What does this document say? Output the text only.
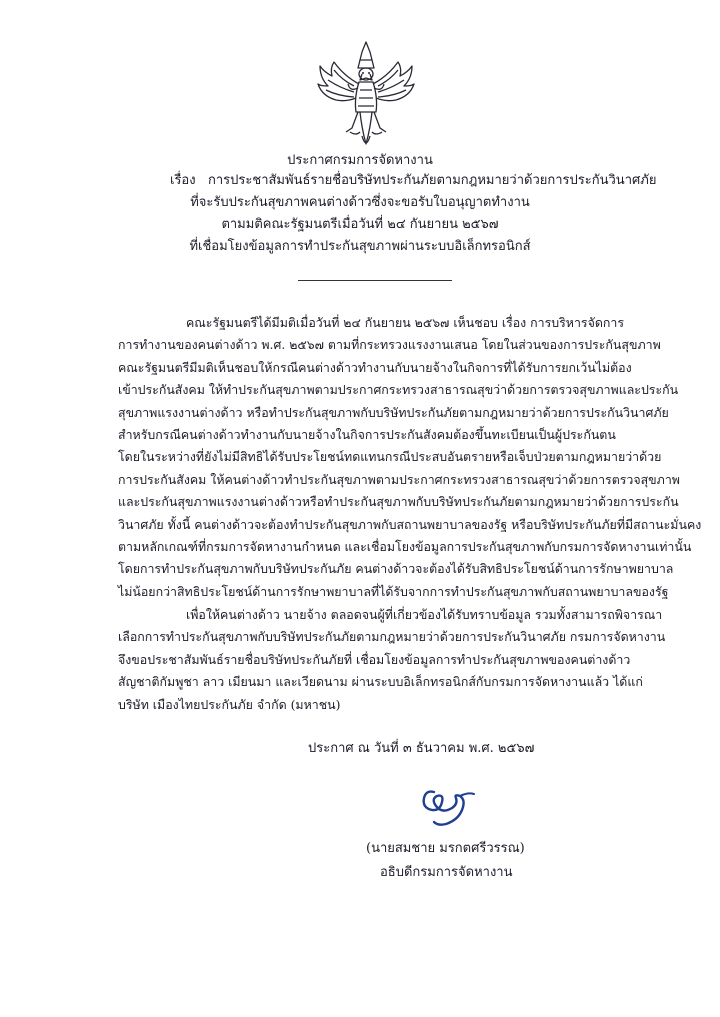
ประกาศกรมการจัดหางาน
เรื่อง การประชาสัมพันธ์รายชื่อบริษัทประกันภัยตามกฎหมายว่าด้วยการประกันวินาศภัย
ที่จะรับประกันสุขภาพคนต่างด้าวซึ่งจะขอรับใบอนุญาตทำงาน
ตามมติคณะรัฐมนตรีเมื่อวันที่ ๒๔ กันยายน ๒๕๖๗
ที่เชื่อมโยงข้อมูลการทำประกันสุขภาพผ่านระบบอิเล็กทรอนิกส์
คณะรัฐมนตรีได้มีมติเมื่อวันที่ ๒๔ กันยายน ๒๕๖๗ เห็นชอบ เรื่อง การบริหารจัดการ
การทำงานของคนต่างด้าว พ.ศ. ๒๕๖๗ ตามที่กระทรวงแรงงานเสนอ โดยในส่วนของการประกันสุขภาพ
คณะรัฐมนตรีมีมติเห็นชอบให้กรณีคนต่างด้าวทำงานกับนายจ้างในกิจการที่ได้รับการยกเว้นไม่ต้อง
เข้าประกันสังคม ให้ทำประกันสุขภาพตามประกาศกระทรวงสาธารณสุขว่าด้วยการตรวจสุขภาพและประกัน
สุขภาพแรงงานต่างด้าว หรือทำประกันสุขภาพกับบริษัทประกันภัยตามกฎหมายว่าด้วยการประกันวินาศภัย
สำหรับกรณีคนต่างด้าวทำงานกับนายจ้างในกิจการประกันสังคมต้องขึ้นทะเบียนเป็นผู้ประกันตน
โดยในระหว่างที่ยังไม่มีสิทธิได้รับประโยชน์ทดแทนกรณีประสบอันตรายหรือเจ็บป่วยตามกฎหมายว่าด้วย
การประกันสังคม ให้คนต่างด้าวทำประกันสุขภาพตามประกาศกระทรวงสาธารณสุขว่าด้วยการตรวจสุขภาพ
และประกันสุขภาพแรงงานต่างด้าวหรือทำประกันสุขภาพกับบริษัทประกันภัยตามกฎหมายว่าด้วยการประกัน
วินาศภัย ทั้งนี้ คนต่างด้าวจะต้องทำประกันสุขภาพกับสถานพยาบาลของรัฐ หรือบริษัทประกันภัยที่มีสถานะมั่นคง
ตามหลักเกณฑ์ที่กรมการจัดหางานกำหนด และเชื่อมโยงข้อมูลการประกันสุขภาพกับกรมการจัดหางานเท่านั้น
โดยการทำประกันสุขภาพกับบริษัทประกันภัย คนต่างด้าวจะต้องได้รับสิทธิประโยชน์ด้านการรักษาพยาบาล
ไม่น้อยกว่าสิทธิประโยชน์ด้านการรักษาพยาบาลที่ได้รับจากการทำประกันสุขภาพกับสถานพยาบาลของรัฐ
เพื่อให้คนต่างด้าว นายจ้าง ตลอดจนผู้ที่เกี่ยวข้องได้รับทราบข้อมูล รวมทั้งสามารถพิจารณา
เลือกการทำประกันสุขภาพกับบริษัทประกันภัยตามกฎหมายว่าด้วยการประกันวินาศภัย กรมการจัดหางาน
จึงขอประชาสัมพันธ์รายชื่อบริษัทประกันภัยที่ เชื่อมโยงข้อมูลการทำประกันสุขภาพของคนต่างด้าว
สัญชาติกัมพูชา ลาว เมียนมา และเวียดนาม ผ่านระบบอิเล็กทรอนิกส์กับกรมการจัดหางานแล้ว ได้แก่
บริษัท เมืองไทยประกันภัย จำกัด (มหาชน)
ประกาศ ณ วันที่ ๓ ธันวาคม พ.ศ. ๒๕๖๗
(นายสมชาย มรกตศรีวรรณ)
อธิบดีกรมการจัดหางาน
